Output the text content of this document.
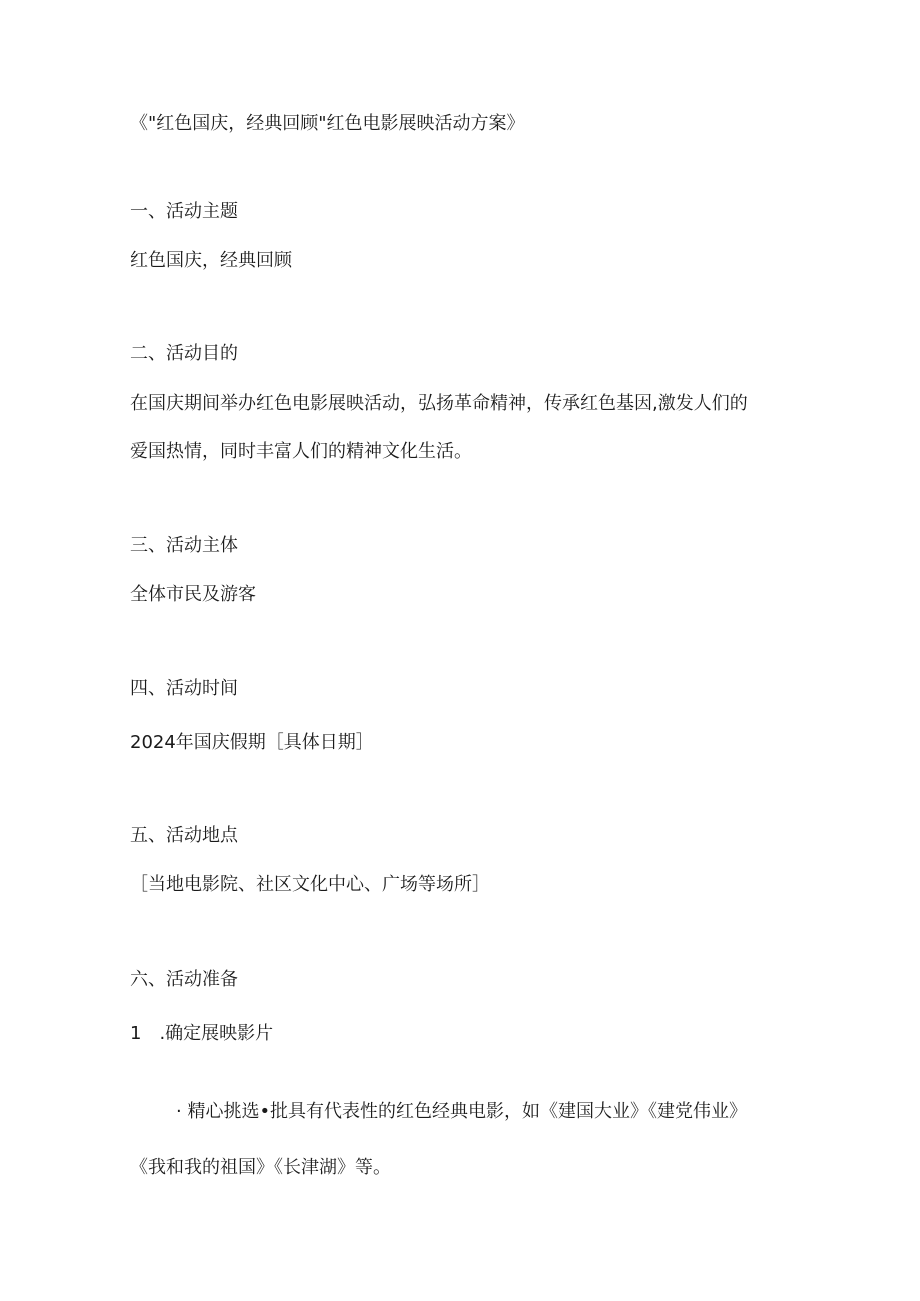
《"红色国庆，经典回顾"红色电影展映活动方案》
一、活动主题
红色国庆，经典回顾
二、活动目的
在国庆期间举办红色电影展映活动，弘扬革命精神，传承红色基因,激发人们的
爱国热情，同时丰富人们的精神文化生活。
三、活动主体
全体市民及游客
四、活动时间
2024年国庆假期［具体日期］
五、活动地点
［当地电影院、社区文化中心、广场等场所］
六、活动准备
1　.确定展映影片
· 精心挑选•批具有代表性的红色经典电影，如《建国大业》《建党伟业》
《我和我的祖国》《长津湖》等。
